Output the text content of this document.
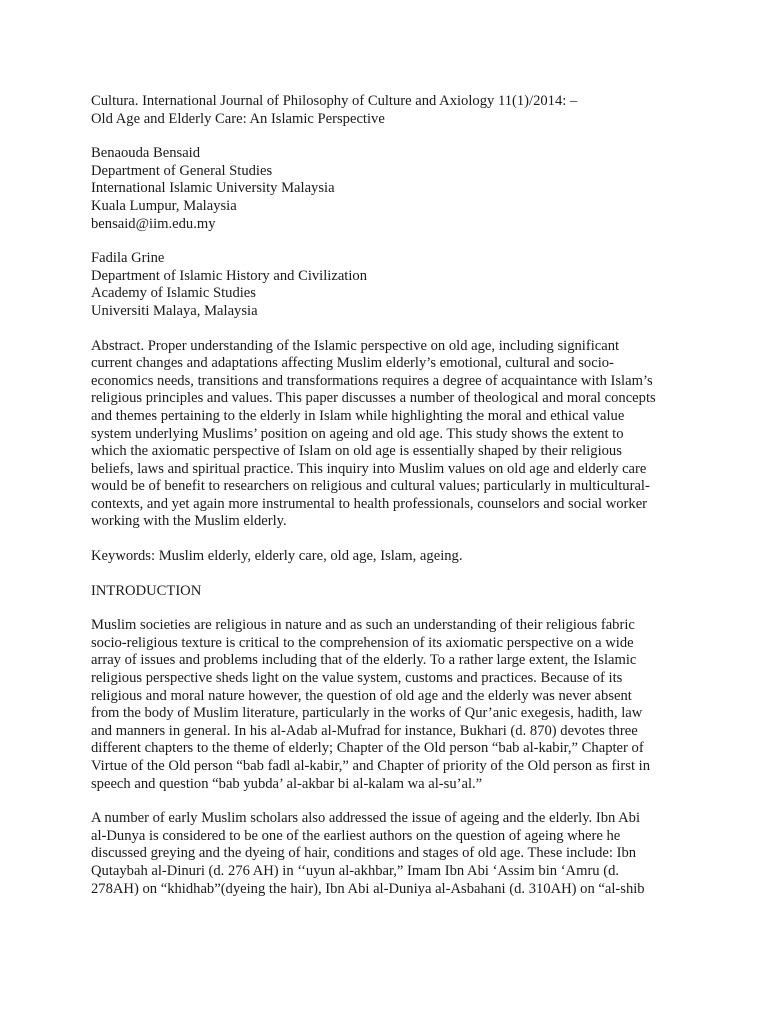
Cultura. International Journal of Philosophy of Culture and Axiology 11(1)/2014: –
Old Age and Elderly Care: An Islamic Perspective
Benaouda Bensaid
Department of General Studies
International Islamic University Malaysia
Kuala Lumpur, Malaysia
bensaid@iim.edu.my
Fadila Grine
Department of Islamic History and Civilization
Academy of Islamic Studies
Universiti Malaya, Malaysia
Abstract. Proper understanding of the Islamic perspective on old age, including significant
current changes and adaptations affecting Muslim elderly’s emotional, cultural and socio-
economics needs, transitions and transformations requires a degree of acquaintance with Islam’s
religious principles and values. This paper discusses a number of theological and moral concepts
and themes pertaining to the elderly in Islam while highlighting the moral and ethical value
system underlying Muslims’ position on ageing and old age. This study shows the extent to
which the axiomatic perspective of Islam on old age is essentially shaped by their religious
beliefs, laws and spiritual practice. This inquiry into Muslim values on old age and elderly care
would be of benefit to researchers on religious and cultural values; particularly in multicultural-
contexts, and yet again more instrumental to health professionals, counselors and social worker
working with the Muslim elderly.
Keywords: Muslim elderly, elderly care, old age, Islam, ageing.
INTRODUCTION
Muslim societies are religious in nature and as such an understanding of their religious fabric
socio-religious texture is critical to the comprehension of its axiomatic perspective on a wide
array of issues and problems including that of the elderly. To a rather large extent, the Islamic
religious perspective sheds light on the value system, customs and practices. Because of its
religious and moral nature however, the question of old age and the elderly was never absent
from the body of Muslim literature, particularly in the works of Qur’anic exegesis, hadith, law
and manners in general. In his al-Adab al-Mufrad for instance, Bukhari (d. 870) devotes three
different chapters to the theme of elderly; Chapter of the Old person “bab al-kabir,” Chapter of
Virtue of the Old person “bab fadl al-kabir,” and Chapter of priority of the Old person as first in
speech and question “bab yubda’ al-akbar bi al-kalam wa al-su’al.”
A number of early Muslim scholars also addressed the issue of ageing and the elderly. Ibn Abi
al-Dunya is considered to be one of the earliest authors on the question of ageing where he
discussed greying and the dyeing of hair, conditions and stages of old age. These include: Ibn
Qutaybah al-Dinuri (d. 276 AH) in ‘‘uyun al-akhbar,” Imam Ibn Abi ‘Assim bin ‘Amru (d.
278AH) on “khidhab”(dyeing the hair), Ibn Abi al-Duniya al-Asbahani (d. 310AH) on “al-shib
